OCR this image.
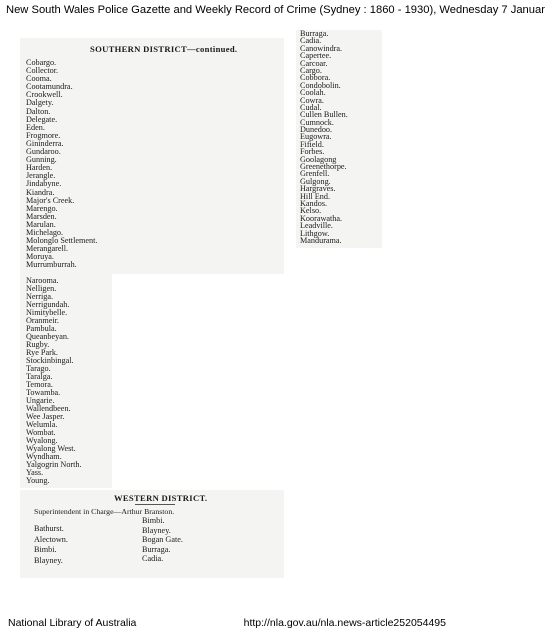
New South Wales Police Gazette and Weekly Record of Crime (Sydney : 1860 - 1930), Wednesday 7 Januar
SOUTHERN DISTRICT—continued.
Cobargo.
Collector.
Cooma.
Cootamundra.
Crookwell.
Dalgety.
Dalton.
Delegate.
Eden.
Frogmore.
Gininderra.
Gundaroo.
Gunning.
Harden.
Jerangle.
Jindabyne.
Kiandra.
Major's Creek.
Marengo.
Marsden.
Marulan.
Michelago.
Molonglo Settlement.
Merangarell.
Moruya.
Murrumburrah.
Narooma.
Nelligen.
Nerriga.
Nerrigundah.
Nimitybelle.
Oranmeir.
Pambula.
Queanbeyan.
Rugby.
Rye Park.
Stockinbingal.
Tarago.
Taralga.
Temora.
Towamba.
Ungarie.
Wallendbeen.
Wee Jasper.
Welumla.
Wombat.
Wyalong.
Wyalong West.
Wyndham.
Yalgogrin North.
Yass.
Young.
Burraga.
Cadia.
Canowindra.
Capertee.
Carcoar.
Cargo.
Cobbora.
Condobolin.
Coolah.
Cowra.
Cudal.
Cullen Bullen.
Cumnock.
Dunedoo.
Eugowra.
Fifield.
Forbes.
Goolagong
Greenethorpe.
Grenfell.
Gulgong.
Hargraves.
Hill End.
Kandos.
Kelso.
Koorawatha.
Leadville.
Lithgow.
Mandurama.
WESTERN DISTRICT.
Superintendent in Charge—Arthur Branston.
Bathurst.
Alectown.
Bimbi.
Blayney.
Bimbi.
Blayney.
Bogan Gate.
Burraga.
Cadia.
National Library of Australia	http://nla.gov.au/nla.news-article252054495
